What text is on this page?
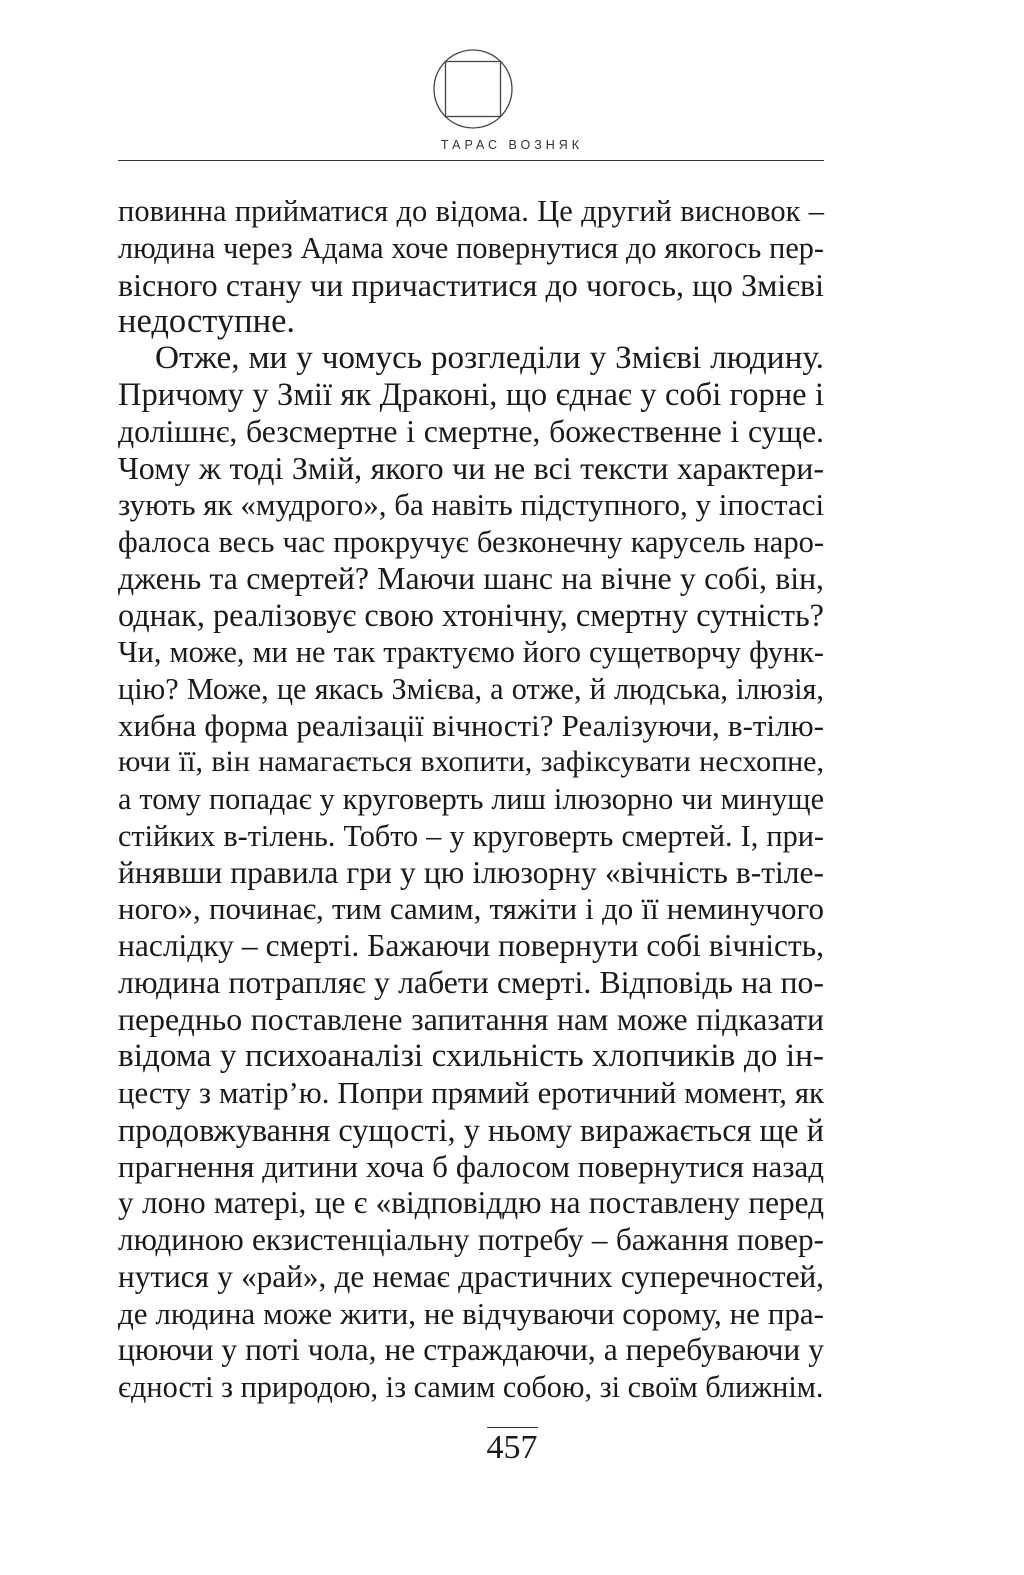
ТАРАС ВОЗНЯК
повинна прийматися до відома. Це другий висновок –
людина через Адама хоче повернутися до якогось пер-
вісного стану чи причаститися до чогось, що Змієві
недоступне.
Отже, ми у чомусь розгледіли у Змієві людину.
Причому у Змії як Драконі, що єднає у собі горне і
долішнє, безсмертне і смертне, божественне і суще.
Чому ж тоді Змій, якого чи не всі тексти характери-
зують як «мудрого», ба навіть підступного, у іпостасі
фалоса весь час прокручує безконечну карусель наро-
джень та смертей? Маючи шанс на вічне у собі, він,
однак, реалізовує свою хтонічну, смертну сутність?
Чи, може, ми не так трактуємо його сущетворчу функ-
цію? Може, це якась Змієва, а отже, й людська, ілюзія,
хибна форма реалізації вічності? Реалізуючи, в-тілю-
ючи її, він намагається вхопити, зафіксувати несхопне,
а тому попадає у круговерть лиш ілюзорно чи минуще
стійких в-тілень. Тобто – у круговерть смертей. І, при-
йнявши правила гри у цю ілюзорну «вічність в-тіле-
ного», починає, тим самим, тяжіти і до її неминучого
наслідку – смерті. Бажаючи повернути собі вічність,
людина потрапляє у лабети смерті. Відповідь на по-
передньо поставлене запитання нам може підказати
відома у психоаналізі схильність хлопчиків до ін-
цесту з матір’ю. Попри прямий еротичний момент, як
продовжування сущості, у ньому виражається ще й
прагнення дитини хоча б фалосом повернутися назад
у лоно матері, це є «відповіддю на поставлену перед
людиною екзистенціальну потребу – бажання повер-
нутися у «рай», де немає драстичних суперечностей,
де людина може жити, не відчуваючи сорому, не пра-
цюючи у поті чола, не страждаючи, а перебуваючи у
єдності з природою, із самим собою, зі своїм ближнім.
457
